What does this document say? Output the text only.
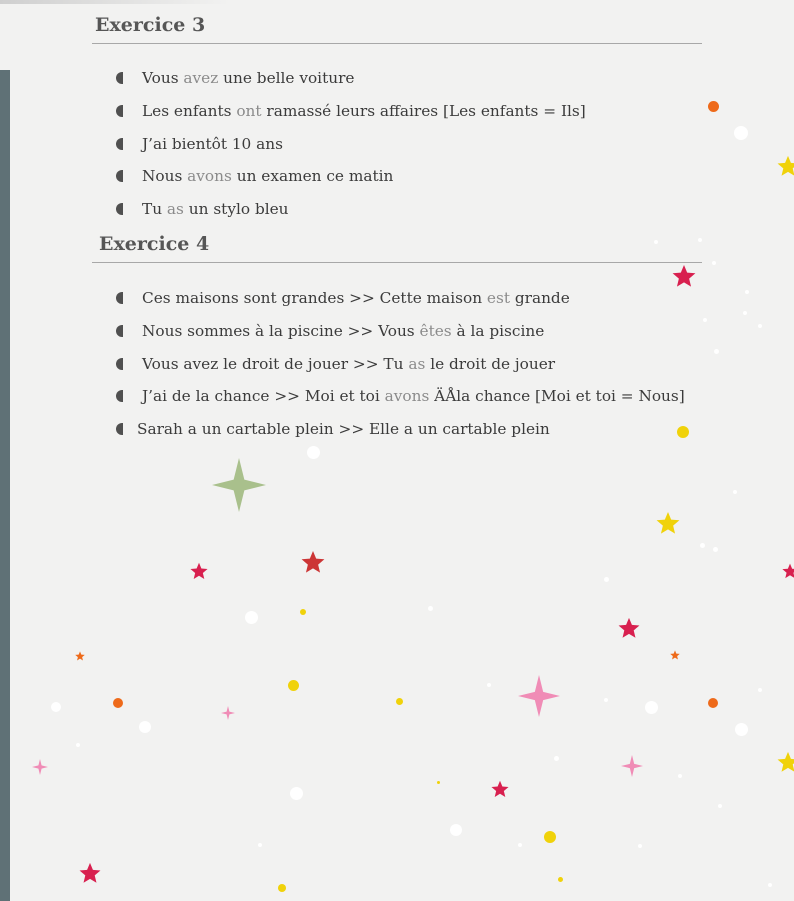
Exercice 3
Vous avez une belle voiture
Les enfants ont ramassé leurs affaires [Les enfants = Ils]
J’ai bientôt 10 ans
Nous avons un examen ce matin
Tu as un stylo bleu
Exercice 4
Ces maisons sont grandes >> Cette maison est grande
Nous sommes à la piscine >> Vous êtes à la piscine
Vous avez le droit de jouer >> Tu as le droit de jouer
J’ai de la chance >> Moi et toi avons ÄÅla chance [Moi et toi = Nous]
Sarah a un cartable plein >> Elle a un cartable plein
